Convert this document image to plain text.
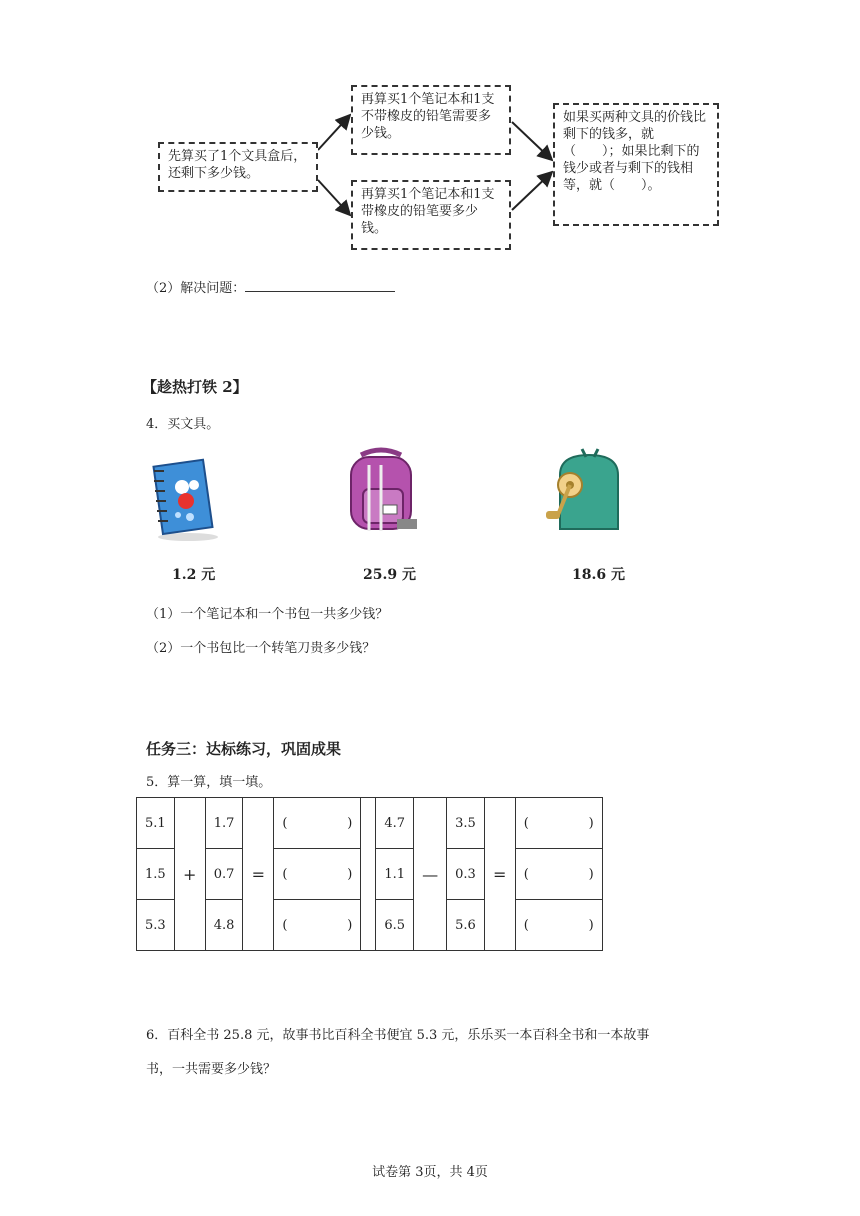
先算买了1个文具盒后，还剩下多少钱。
再算买1个笔记本和1支不带橡皮的铅笔需要多少钱。
再算买1个笔记本和1支带橡皮的铅笔要多少钱。
如果买两种文具的价钱比剩下的钱多，就（　　）；如果比剩下的钱少或者与剩下的钱相等，就（　　）。
（2）解决问题：
【趁热打铁 2】
4．买文具。
1.2 元	25.9 元	18.6 元
（1）一个笔记本和一个书包一共多少钱？
（2）一个书包比一个转笔刀贵多少钱？
任务三：达标练习，巩固成果
5．算一算，填一填。
5.1	+	1.7	=	( )		4.7	—	3.5	=	( )

1.5		0.7		( )		1.1		0.3		( )

5.3		4.8		( )		6.5		5.6		( )
6．百科全书 25.8 元，故事书比百科全书便宜 5.3 元，乐乐买一本百科全书和一本故事
书，一共需要多少钱？
试卷第 3页，共 4页
